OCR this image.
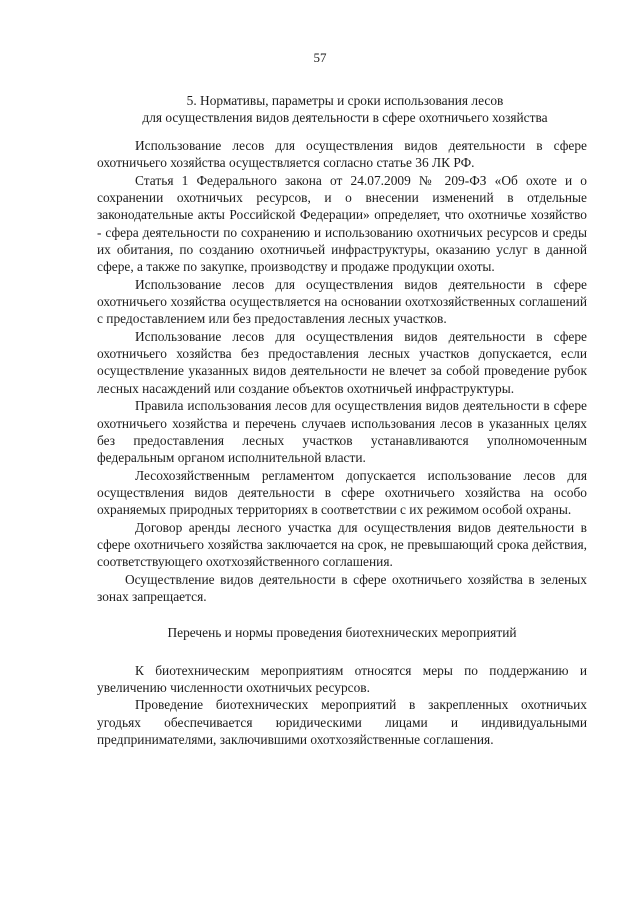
57
5. Нормативы, параметры и сроки использования лесов
для осуществления видов деятельности в сфере охотничьего хозяйства

Использование лесов для осуществления видов деятельности в сфере охотничьего хозяйства осуществляется согласно статье 36 ЛК РФ.

Статья 1 Федерального закона от 24.07.2009 № 209-ФЗ «Об охоте и о сохранении охотничьих ресурсов, и о внесении изменений в отдельные законодательные акты Российской Федерации» определяет, что охотничье хозяйство - сфера деятельности по сохранению и использованию охотничьих ресурсов и среды их обитания, по созданию охотничьей инфраструктуры, оказанию услуг в данной сфере, а также по закупке, производству и продаже продукции охоты.

Использование лесов для осуществления видов деятельности в сфере охотничьего хозяйства осуществляется на основании охотхозяйственных соглашений с предоставлением или без предоставления лесных участков.

Использование лесов для осуществления видов деятельности в сфере охотничьего хозяйства без предоставления лесных участков допускается, если осуществление указанных видов деятельности не влечет за собой проведение рубок лесных насаждений или создание объектов охотничьей инфраструктуры.

Правила использования лесов для осуществления видов деятельности в сфере охотничьего хозяйства и перечень случаев использования лесов в указанных целях без предоставления лесных участков устанавливаются уполномоченным федеральным органом исполнительной власти.

Лесохозяйственным регламентом допускается использование лесов для осуществления видов деятельности в сфере охотничьего хозяйства на особо охраняемых природных территориях в соответствии с их режимом особой охраны.

Договор аренды лесного участка для осуществления видов деятельности в сфере охотничьего хозяйства заключается на срок, не превышающий срока действия, соответствующего охотхозяйственного соглашения.

Осуществление видов деятельности в сфере охотничьего хозяйства в зеленых зонах запрещается.

Перечень и нормы проведения биотехнических мероприятий

К биотехническим мероприятиям относятся меры по поддержанию и увеличению численности охотничьих ресурсов.

Проведение биотехнических мероприятий в закрепленных охотничьих угодьях обеспечивается юридическими лицами и индивидуальными предпринимателями, заключившими охотхозяйственные соглашения.
